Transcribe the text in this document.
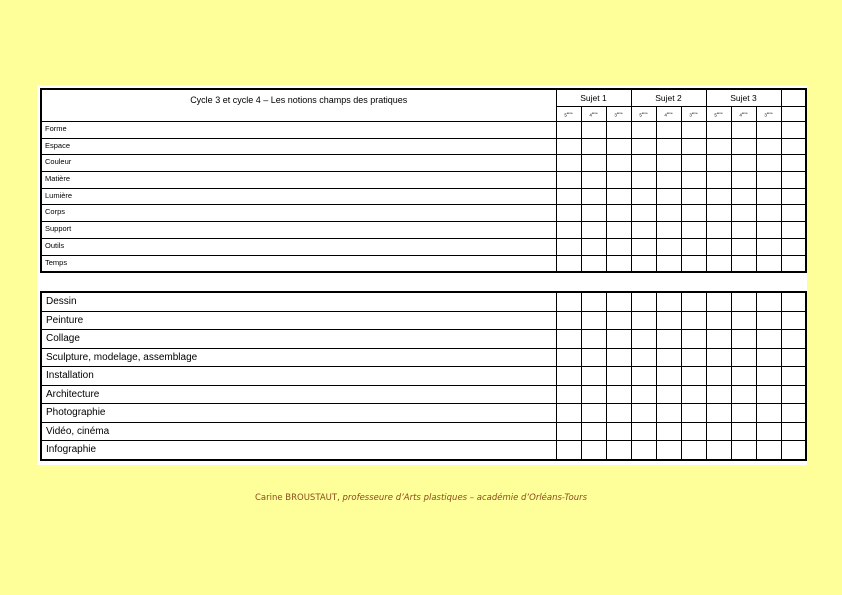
Cycle 3 et cycle 4 – Les notions champs des pratiques	Sujet 1			Sujet 2			Sujet 3			
	5ème	4ème	3ème	5ème	4ème	3ème	5ème	4ème	3ème	
Forme										
Espace										
Couleur										
Matière										
Lumière										
Corps										
Support										
Outils										
Temps										
Dessin										
Peinture										
Collage										
Sculpture, modelage, assemblage										
Installation										
Architecture										
Photographie										
Vidéo, cinéma										
Infographie										
Carine BROUSTAUT, professeure d’Arts plastiques – académie d’Orléans-Tours
